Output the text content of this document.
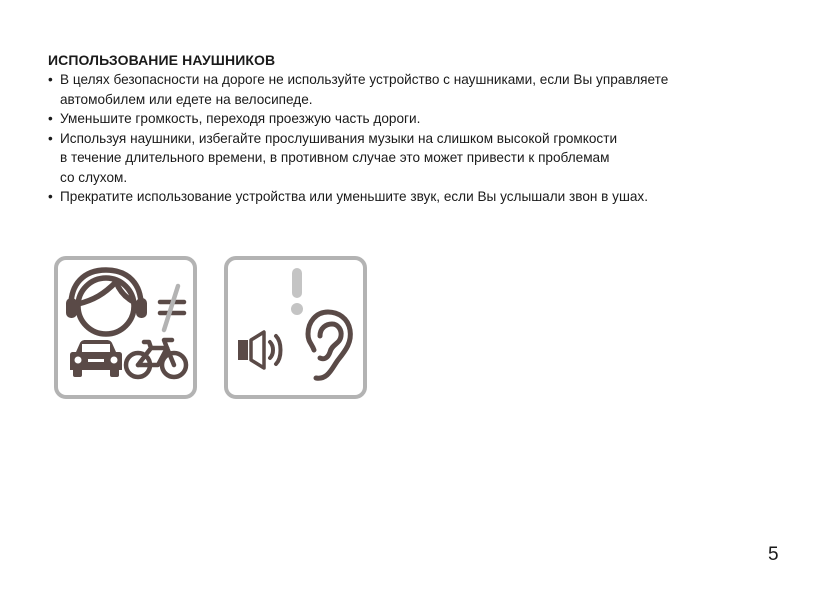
ИСПОЛЬЗОВАНИЕ НАУШНИКОВ
• В целях безопасности на дороге не используйте устройство с наушниками, если Вы управляете
автомобилем или едете на велосипеде.
• Уменьшите громкость, переходя проезжую часть дороги.
• Используя наушники, избегайте прослушивания музыки на слишком высокой громкости
в течение длительного времени, в противном случае это может привести к проблемам
со слухом.
• Прекратите использование устройства или уменьшите звук, если Вы услышали звон в ушах.
5
